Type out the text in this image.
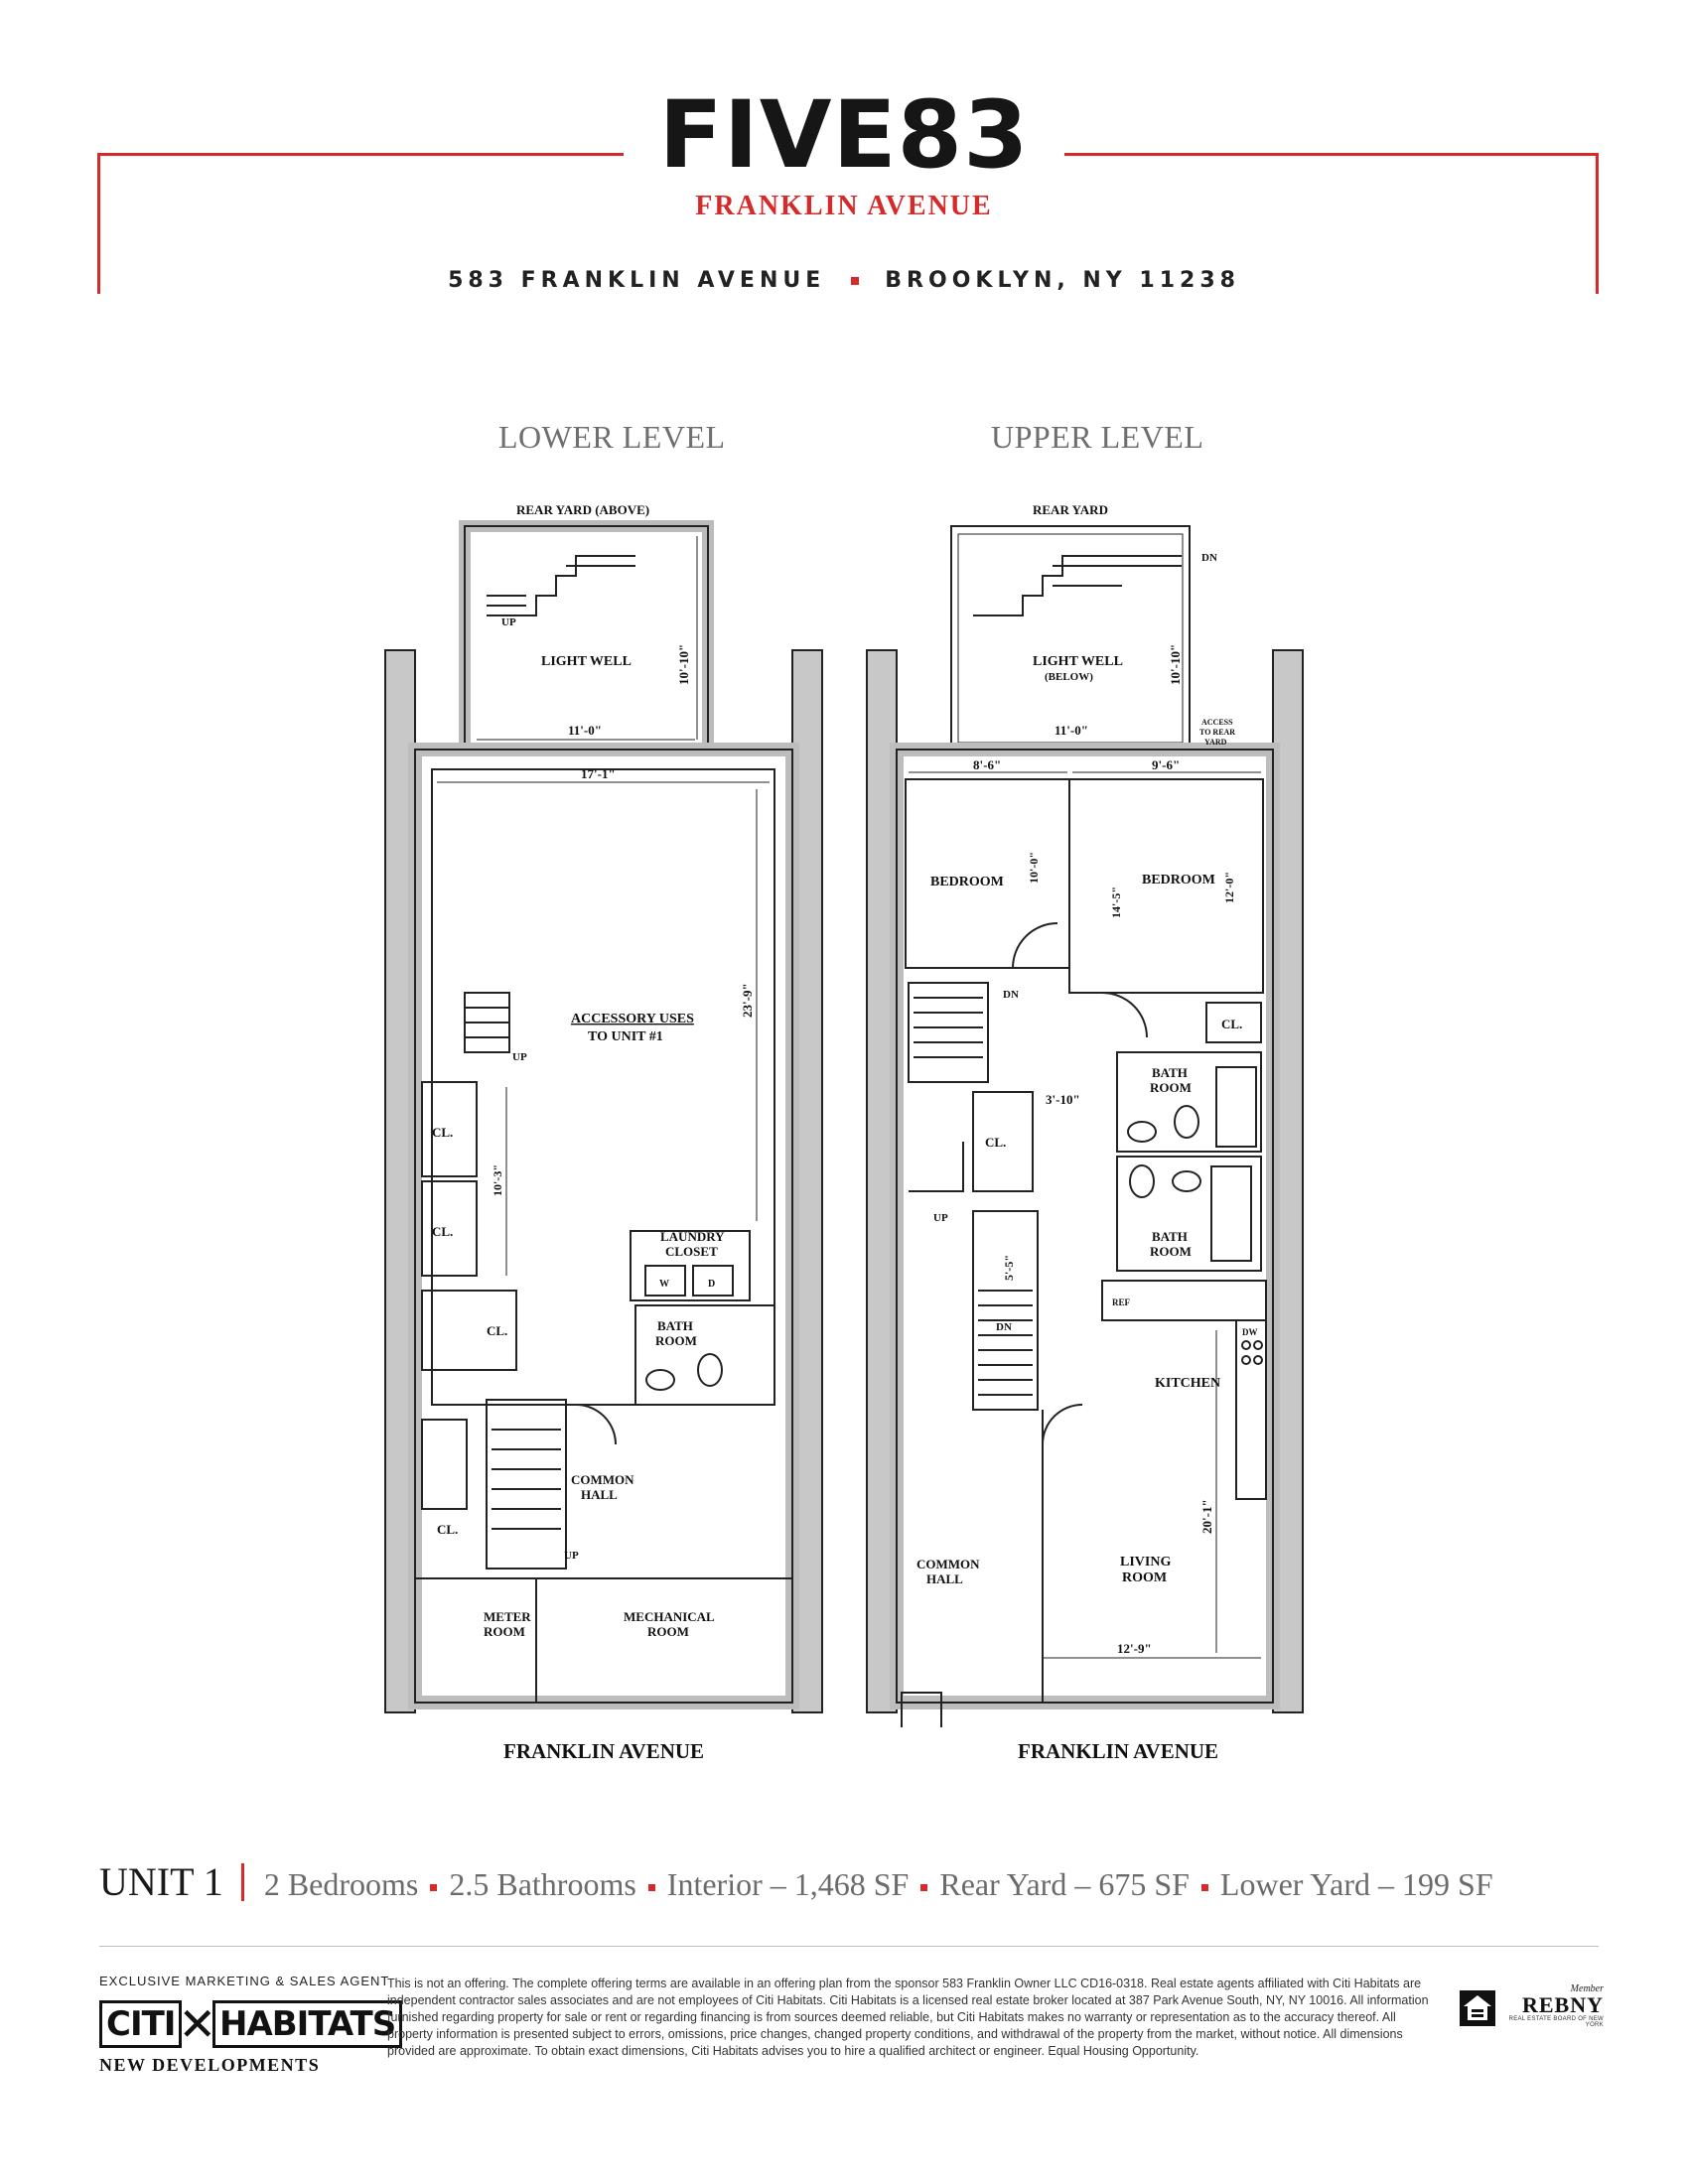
FIVE83
FRANKLIN AVENUE
583 FRANKLIN AVENUE	BROOKLYN, NY 11238
LOWER LEVEL	UPPER LEVEL
REAR YARD (ABOVE)
UP
LIGHT WELL	10'-10"
11'-0"
17'-1"
ACCESSORY USES
TO UNIT #1
23'-9"
UP
CL.
CL.
10'-3"
CL.
LAUNDRY
CLOSET
W	D
BATH
ROOM
COMMON
HALL
CL.
UP
METER
ROOM
MECHANICAL
ROOM
REAR YARD
DN
LIGHT WELL
(BELOW)	10'-10"
11'-0"
ACCESS
TO REAR
YARD
8'-6"	9'-6"
BEDROOM 10'-0"	BEDROOM
14'-5"	12'-0"
DN
CL.
BATH
ROOM
3'-10"
CL.
UP
BATH
ROOM
5'-5"
DN
REF
DW
KITCHEN
20'-1"
COMMON
HALL
LIVING
ROOM
12'-9"
FRANKLIN AVENUE	FRANKLIN AVENUE
UNIT 1 2 Bedrooms 2.5 Bathrooms Interior – 1,468 SF Rear Yard – 675 SF Lower Yard – 199 SF
EXCLUSIVE MARKETING & SALES AGENT
CITI ✕ HABITATS
NEW DEVELOPMENTS
This is not an offering. The complete offering terms are available in an offering plan from the sponsor 583 Franklin Owner LLC CD16-0318. Real estate agents affiliated with Citi Habitats are independent contractor sales associates and are not employees of Citi Habitats. Citi Habitats is a licensed real estate broker located at 387 Park Avenue South, NY, NY 10016. All information furnished regarding property for sale or rent or regarding financing is from sources deemed reliable, but Citi Habitats makes no warranty or representation as to the accuracy thereof. All property information is presented subject to errors, omissions, price changes, changed property conditions, and withdrawal of the property from the market, without notice. All dimensions provided are approximate. To obtain exact dimensions, Citi Habitats advises you to hire a qualified architect or engineer. Equal Housing Opportunity.
Member
REBNY
REAL ESTATE BOARD OF NEW YORK
